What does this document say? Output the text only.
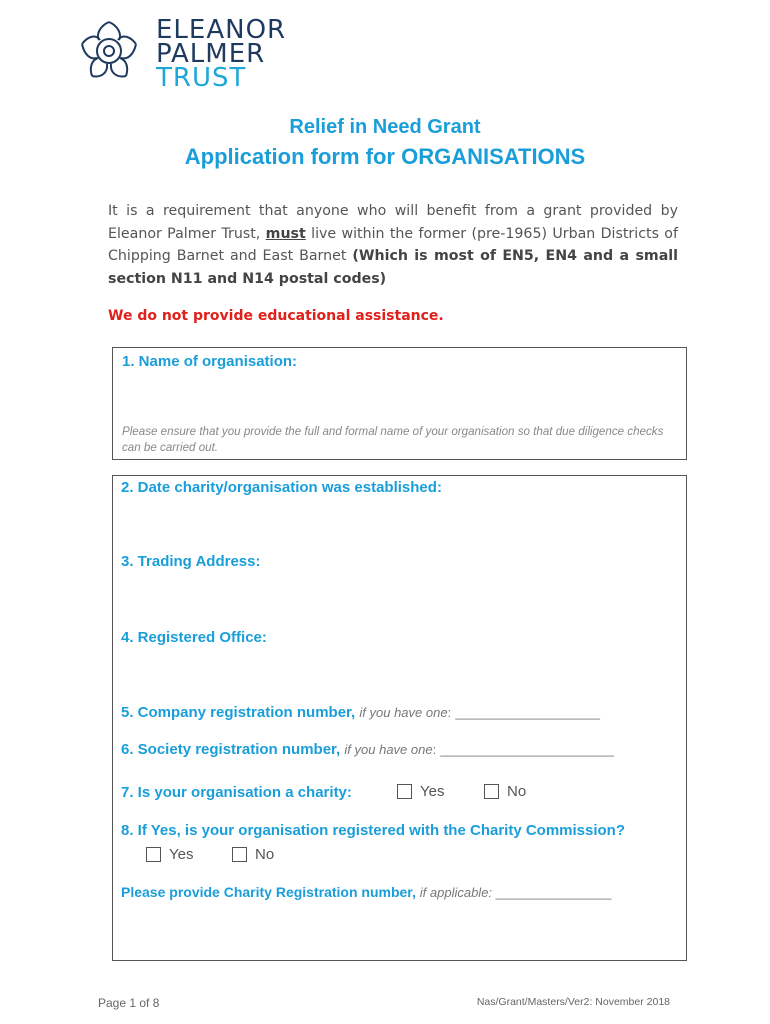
ELEANOR
PALMER
TRUST
Relief in Need Grant
Application form for ORGANISATIONS
It is a requirement that anyone who will benefit from a grant provided by Eleanor Palmer Trust, must live within the former (pre-1965) Urban Districts of Chipping Barnet and East Barnet (Which is most of EN5, EN4 and a small section N11 and N14 postal codes)
We do not provide educational assistance.
1. Name of organisation:
Please ensure that you provide the full and formal name of your organisation so that due diligence checks can be carried out.
2. Date charity/organisation was established:
3. Trading Address:
4. Registered Office:
5. Company registration number, if you have one: ____________________
6. Society registration number, if you have one: ________________________
7. Is your organisation a charity:	Yes	No
8. If Yes, is your organisation registered with the Charity Commission?
Yes	No
Please provide Charity Registration number, if applicable: ________________
Page 1 of 8	Nas/Grant/Masters/Ver2: November 2018
